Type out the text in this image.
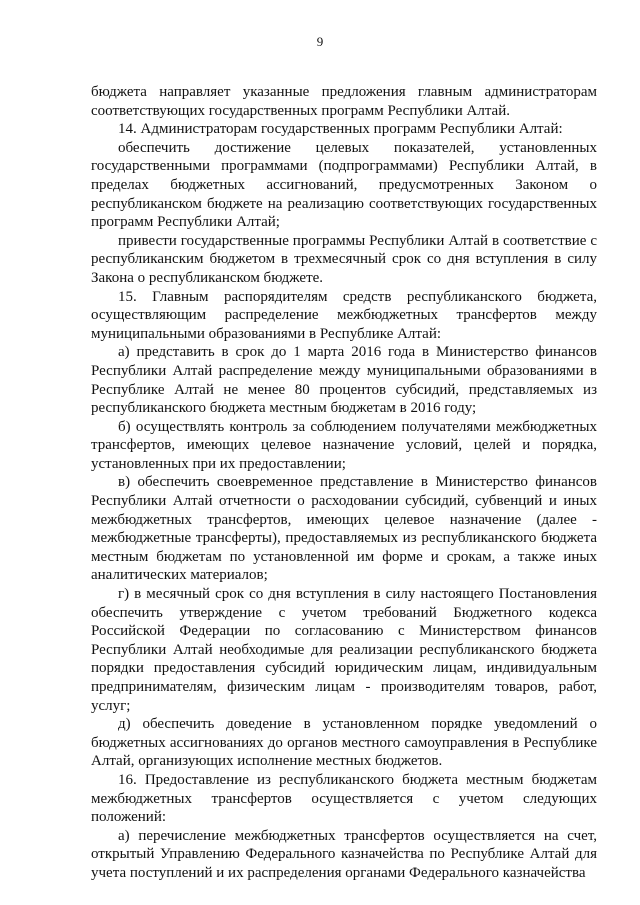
9

бюджета направляет указанные предложения главным администраторам соответствующих государственных программ Республики Алтай.

14. Администраторам государственных программ Республики Алтай:

обеспечить достижение целевых показателей, установленных государственными программами (подпрограммами) Республики Алтай, в пределах бюджетных ассигнований, предусмотренных Законом о республиканском бюджете на реализацию соответствующих государственных программ Республики Алтай;

привести государственные программы Республики Алтай в соответствие с республиканским бюджетом в трехмесячный срок со дня вступления в силу Закона о республиканском бюджете.

15. Главным распорядителям средств республиканского бюджета, осуществляющим распределение межбюджетных трансфертов между муниципальными образованиями в Республике Алтай:

а) представить в срок до 1 марта 2016 года в Министерство финансов Республики Алтай распределение между муниципальными образованиями в Республике Алтай не менее 80 процентов субсидий, представляемых из республиканского бюджета местным бюджетам в 2016 году;

б) осуществлять контроль за соблюдением получателями межбюджетных трансфертов, имеющих целевое назначение условий, целей и порядка, установленных при их предоставлении;

в) обеспечить своевременное представление в Министерство финансов Республики Алтай отчетности о расходовании субсидий, субвенций и иных межбюджетных трансфертов, имеющих целевое назначение (далее - межбюджетные трансферты), предоставляемых из республиканского бюджета местным бюджетам по установленной им форме и срокам, а также иных аналитических материалов;

г) в месячный срок со дня вступления в силу настоящего Постановления обеспечить утверждение с учетом требований Бюджетного кодекса Российской Федерации по согласованию с Министерством финансов Республики Алтай необходимые для реализации республиканского бюджета порядки предоставления субсидий юридическим лицам, индивидуальным предпринимателям, физическим лицам - производителям товаров, работ, услуг;

д) обеспечить доведение в установленном порядке уведомлений о бюджетных ассигнованиях до органов местного самоуправления в Республике Алтай, организующих исполнение местных бюджетов.

16. Предоставление из республиканского бюджета местным бюджетам межбюджетных трансфертов осуществляется с учетом следующих положений:

а) перечисление межбюджетных трансфертов осуществляется на счет, открытый Управлению Федерального казначейства по Республике Алтай для учета поступлений и их распределения органами Федерального казначейства
